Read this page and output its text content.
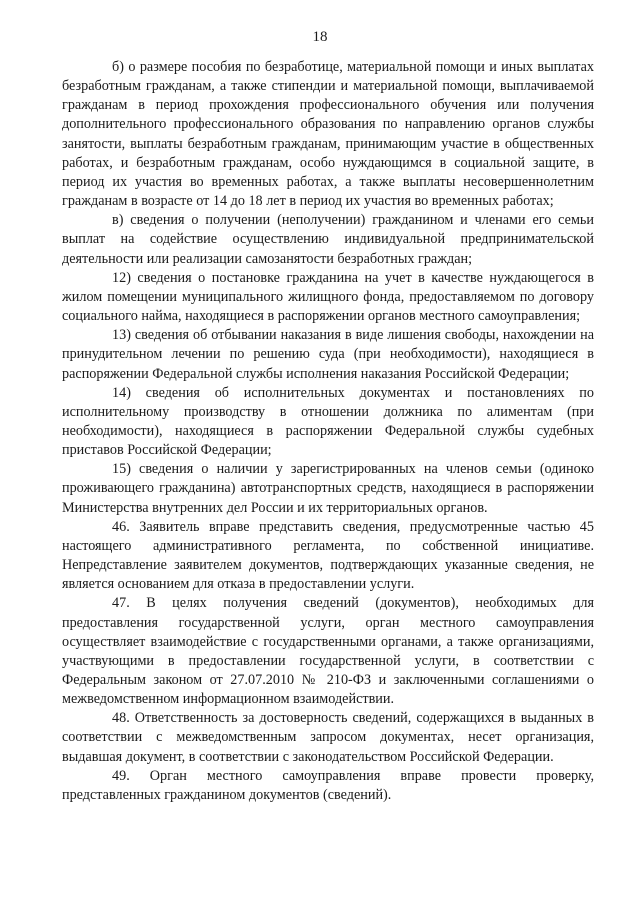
18

б) о размере пособия по безработице, материальной помощи и иных выплатах безработным гражданам, а также стипендии и материальной помощи, выплачиваемой гражданам в период прохождения профессионального обучения или получения дополнительного профессионального образования по направлению органов службы занятости, выплаты безработным гражданам, принимающим участие в общественных работах, и безработным гражданам, особо нуждающимся в социальной защите, в период их участия во временных работах, а также выплаты несовершеннолетним гражданам в возрасте от 14 до 18 лет в период их участия во временных работах;

в) сведения о получении (неполучении) гражданином и членами его семьи выплат на содействие осуществлению индивидуальной предпринимательской деятельности или реализации самозанятости безработных граждан;

12) сведения о постановке гражданина на учет в качестве нуждающегося в жилом помещении муниципального жилищного фонда, предоставляемом по договору социального найма, находящиеся в распоряжении органов местного самоуправления;

13) сведения об отбывании наказания в виде лишения свободы, нахождении на принудительном лечении по решению суда (при необходимости), находящиеся в распоряжении Федеральной службы исполнения наказания Российской Федерации;

14) сведения об исполнительных документах и постановлениях по исполнительному производству в отношении должника по алиментам (при необходимости), находящиеся в распоряжении Федеральной службы судебных приставов Российской Федерации;

15) сведения о наличии у зарегистрированных на членов семьи (одиноко проживающего гражданина) автотранспортных средств, находящиеся в распоряжении Министерства внутренних дел России и их территориальных органов.

46. Заявитель вправе представить сведения, предусмотренные частью 45 настоящего административного регламента, по собственной инициативе. Непредставление заявителем документов, подтверждающих указанные сведения, не является основанием для отказа в предоставлении услуги.

47. В целях получения сведений (документов), необходимых для предоставления государственной услуги, орган местного самоуправления осуществляет взаимодействие с государственными органами, а также организациями, участвующими в предоставлении государственной услуги, в соответствии с Федеральным законом от 27.07.2010 № 210-ФЗ и заключенными соглашениями о межведомственном информационном взаимодействии.

48. Ответственность за достоверность сведений, содержащихся в выданных в соответствии с межведомственным запросом документах, несет организация, выдавшая документ, в соответствии с законодательством Российской Федерации.

49. Орган местного самоуправления вправе провести проверку, представленных гражданином документов (сведений).
